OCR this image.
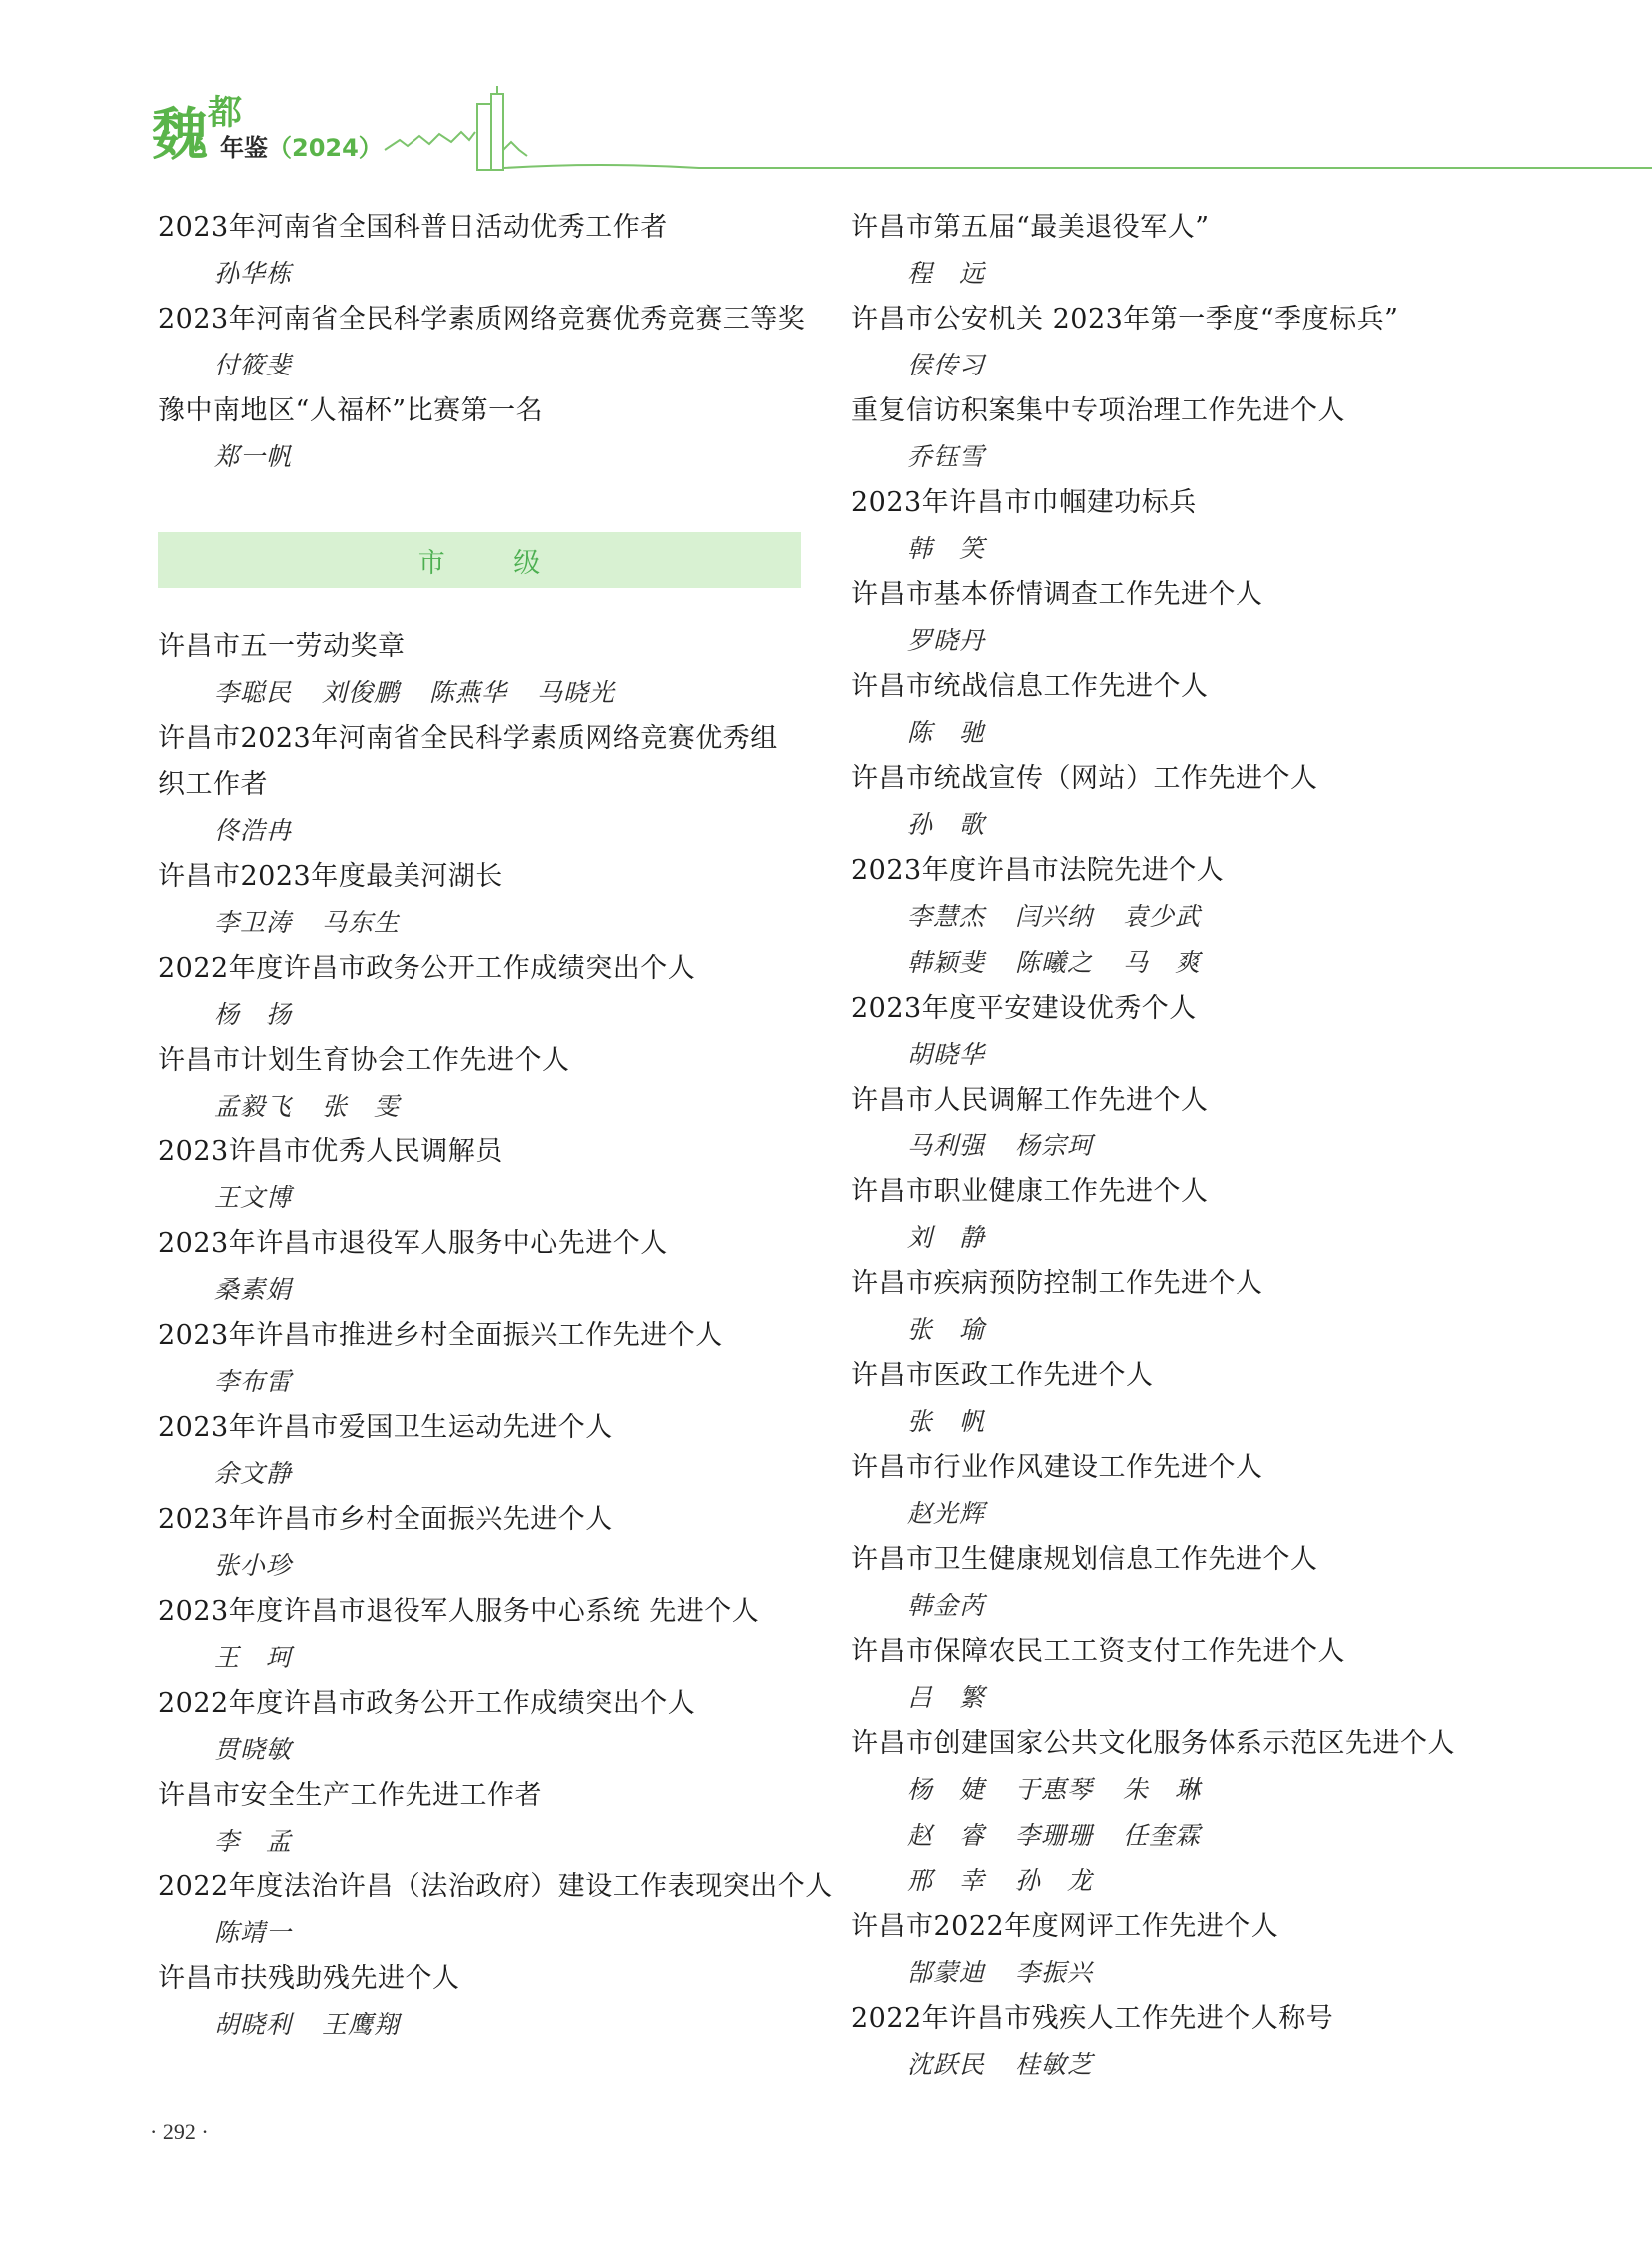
魏 都
年鉴（2024）
2023年河南省全国科普日活动优秀工作者
孙华栋
2023年河南省全民科学素质网络竞赛优秀竞赛三等奖
付筱斐
豫中南地区“人福杯”比赛第一名
郑一帆
市 级
许昌市五一劳动奖章
李聪民 刘俊鹏 陈燕华 马晓光
许昌市2023年河南省全民科学素质网络竞赛优秀组织工作者
佟浩冉
许昌市2023年度最美河湖长
李卫涛 马东生
2022年度许昌市政务公开工作成绩突出个人
杨　扬
许昌市计划生育协会工作先进个人
孟毅飞 张　雯
2023许昌市优秀人民调解员
王文博
2023年许昌市退役军人服务中心先进个人
桑素娟
2023年许昌市推进乡村全面振兴工作先进个人
李布雷
2023年许昌市爱国卫生运动先进个人
余文静
2023年许昌市乡村全面振兴先进个人
张小珍
2023年度许昌市退役军人服务中心系统 先进个人
王　珂
2022年度许昌市政务公开工作成绩突出个人
贯晓敏
许昌市安全生产工作先进工作者
李　孟
2022年度法治许昌（法治政府）建设工作表现突出个人
陈靖一
许昌市扶残助残先进个人
胡晓利 王鹰翔
许昌市第五届“最美退役军人”
程　远
许昌市公安机关 2023年第一季度“季度标兵”
侯传习
重复信访积案集中专项治理工作先进个人
乔钰雪
2023年许昌市巾帼建功标兵
韩　笑
许昌市基本侨情调查工作先进个人
罗晓丹
许昌市统战信息工作先进个人
陈　驰
许昌市统战宣传（网站）工作先进个人
孙　歌
2023年度许昌市法院先进个人
李慧杰 闫兴纳 袁少武
韩颖斐 陈曦之 马　爽
2023年度平安建设优秀个人
胡晓华
许昌市人民调解工作先进个人
马利强 杨宗珂
许昌市职业健康工作先进个人
刘　静
许昌市疾病预防控制工作先进个人
张　瑜
许昌市医政工作先进个人
张　帆
许昌市行业作风建设工作先进个人
赵光辉
许昌市卫生健康规划信息工作先进个人
韩金芮
许昌市保障农民工工资支付工作先进个人
吕　繁
许昌市创建国家公共文化服务体系示范区先进个人
杨　婕 于惠琴 朱　琳
赵　睿 李珊珊 任奎霖
邢　幸 孙　龙
许昌市2022年度网评工作先进个人
郜蒙迪 李振兴
2022年许昌市残疾人工作先进个人称号
沈跃民 桂敏芝
· 292 ·
